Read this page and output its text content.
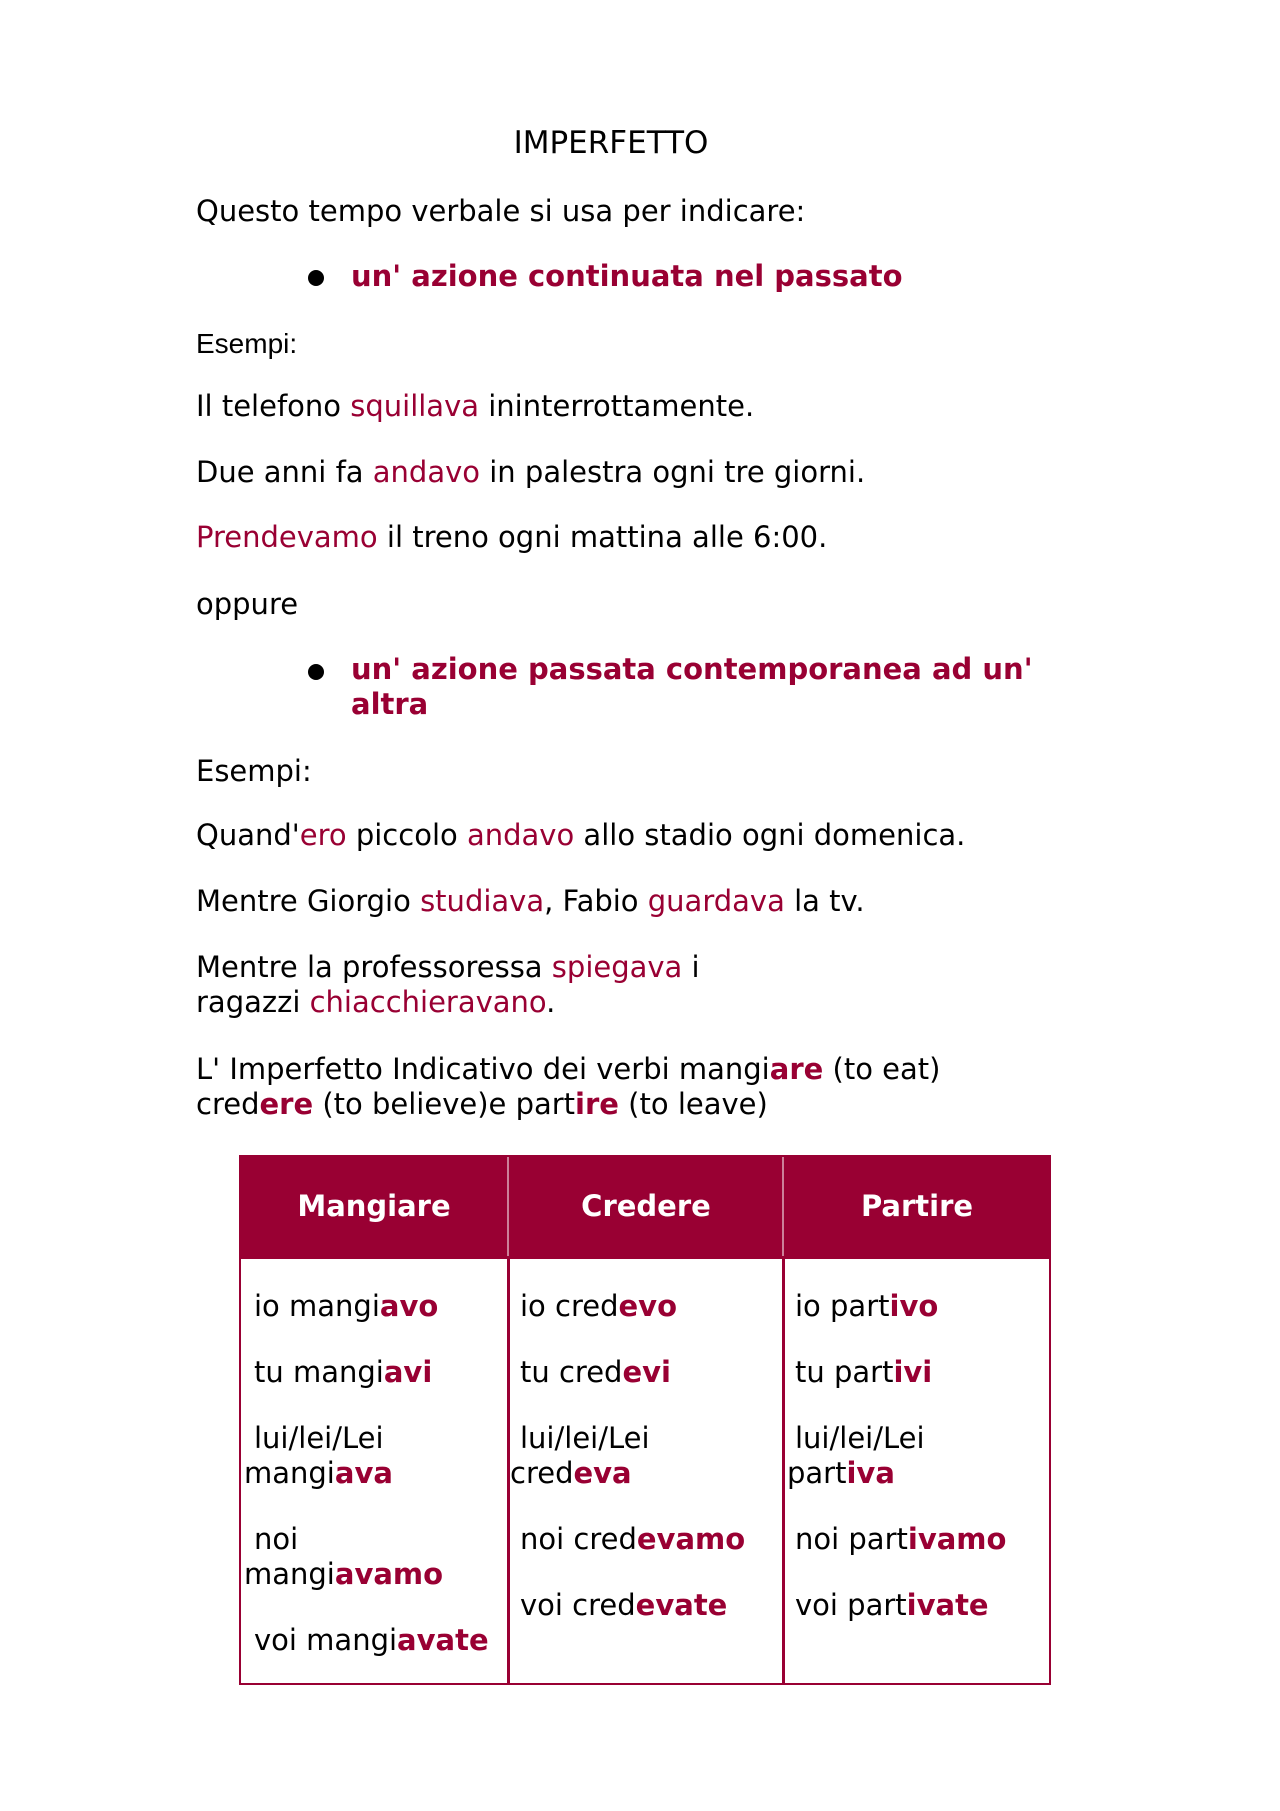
IMPERFETTO

Questo tempo verbale si usa per indicare:

un' azione continuata nel passato

Esempi:

Il telefono squillava ininterrottamente.

Due anni fa andavo in palestra ogni tre giorni.

Prendevamo il treno ogni mattina alle 6:00.

oppure

un' azione passata contemporanea ad un'
altra

Esempi:

Quand'ero piccolo andavo allo stadio ogni domenica.

Mentre Giorgio studiava, Fabio guardava la tv.

Mentre la professoressa spiegava i
ragazzi chiacchieravano.

L' Imperfetto Indicativo dei verbi mangiare (to eat)
credere (to believe)e partire (to leave)

Mangiare	Credere	Partire
io mangiavo
tu mangiavi
lui/lei/Lei
mangiava
noi
mangiavamo
voi mangiavate
io credevo
tu credevi
lui/lei/Lei
credeva
noi credevamo
voi credevate
io partivo
tu partivi
lui/lei/Lei
partiva
noi partivamo
voi partivate
